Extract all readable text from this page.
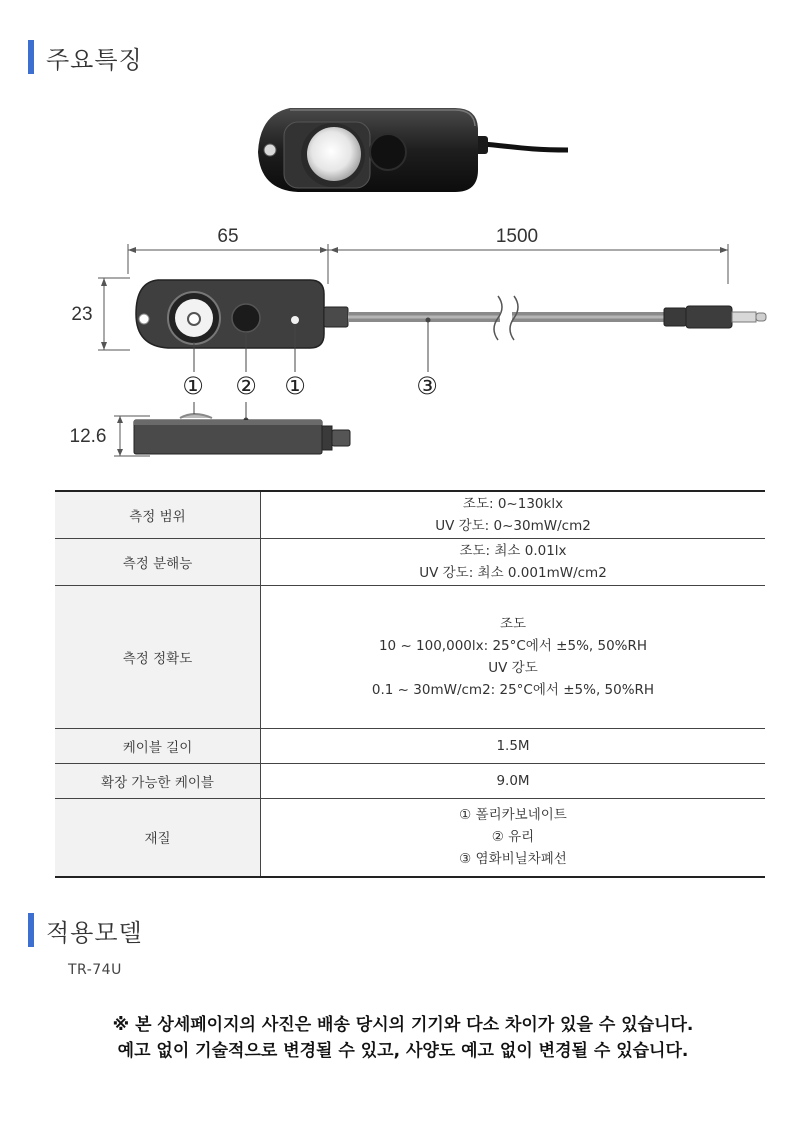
주요특징
65	1500
23
① ② ①	③
12.6
측정 범위	조도: 0~130klx
UV 강도: 0~30mW/cm2

측정 분해능	조도: 최소 0.01lx
UV 강도: 최소 0.001mW/cm2

측정 정확도	조도
10 ~ 100,000lx: 25°C에서 ±5%, 50%RH
UV 강도
0.1 ~ 30mW/cm2: 25°C에서 ±5%, 50%RH

케이블 길이	1.5M

확장 가능한 케이블	9.0M

재질	① 폴리카보네이트
② 유리
③ 염화비닐차폐선
적용모델
TR-74U
※ 본 상세페이지의 사진은 배송 당시의 기기와 다소 차이가 있을 수 있습니다.
예고 없이 기술적으로 변경될 수 있고, 사양도 예고 없이 변경될 수 있습니다.
